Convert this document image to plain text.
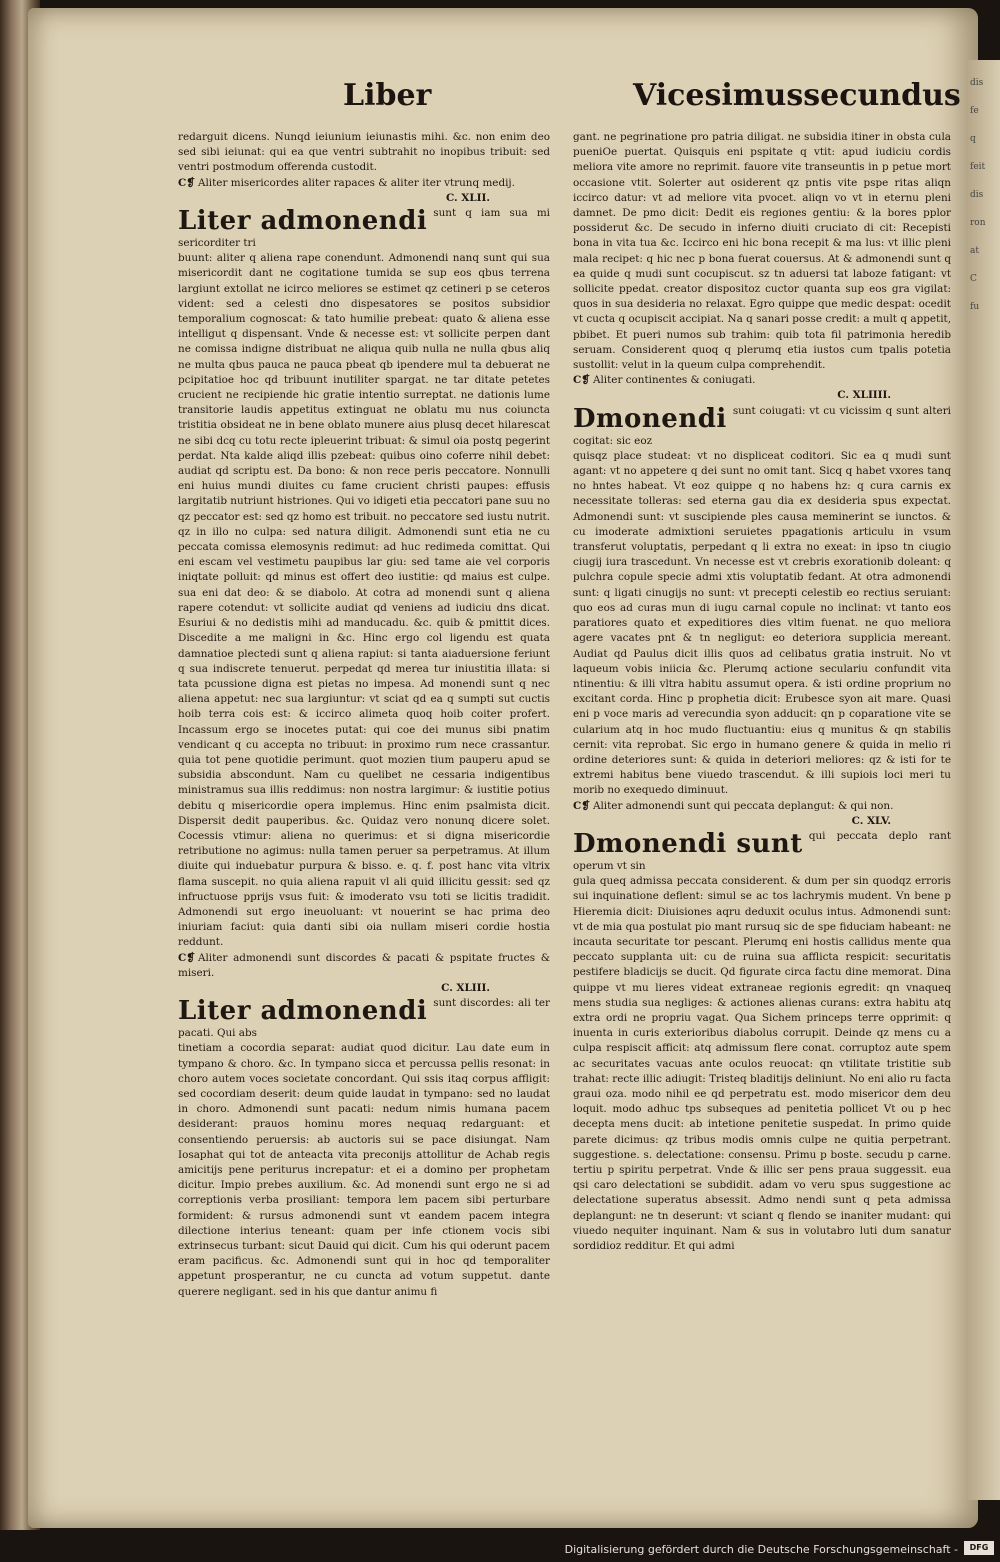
Liber	Vicesimussecundus

redarguit dicens. Nunqd ieiunium ieiunastis mihi. &c. non enim deo sed sibi ieiunat: qui ea que ventri subtrahit no inopibus tribuit: sed ventri postmodum offerenda custodit.

C❡ Aliter misericordes aliter rapaces & aliter iter vtrunq medij.

C. XLII.

Liter admonendi sunt q iam sua mi sericorditer tri

buunt: aliter q aliena rape conendunt. Admonendi nanq sunt qui sua misericordit dant ne cogitatione tumida se sup eos qbus terrena largiunt extollat ne icirco meliores se estimet qz cetineri p se ceteros vident: sed a celesti dno dispesatores se positos subsidior temporalium cognoscat: & tato humilie prebeat: quato & aliena esse intelligut q dispensant. Vnde & necesse est: vt sollicite perpen dant ne comissa indigne distribuat ne aliqua quib nulla ne nulla qbus aliq ne multa qbus pauca ne pauca pbeat qb ipendere mul ta debuerat ne pcipitatioe hoc qd tribuunt inutiliter spargat. ne tar ditate petetes crucient ne recipiende hic gratie intentio surreptat. ne dationis lume transitorie laudis appetitus extinguat ne oblatu mu nus coiuncta tristitia obsideat ne in bene oblato munere aius plusq decet hilarescat ne sibi dcq cu totu recte ipleuerint tribuat: & simul oia postq pegerint perdat. Nta kalde aliqd illis pzebeat: quibus oino coferre nihil debet: audiat qd scriptu est. Da bono: & non rece peris peccatore. Nonnulli eni huius mundi diuites cu fame crucient christi paupes: effusis largitatib nutriunt histriones. Qui vo idigeti etia peccatori pane suu no qz peccator est: sed qz homo est tribuit. no peccatore sed iustu nutrit. qz in illo no culpa: sed natura diligit. Admonendi sunt etia ne cu peccata comissa elemosynis redimut: ad huc redimeda comittat. Qui eni escam vel vestimetu paupibus lar giu: sed tame aie vel corporis iniqtate polluit: qd minus est offert deo iustitie: qd maius est culpe. sua eni dat deo: & se diabolo. At cotra ad monendi sunt q aliena rapere cotendut: vt sollicite audiat qd veniens ad iudiciu dns dicat. Esuriui & no dedistis mihi ad manducadu. &c. quib & pmittit dices. Discedite a me maligni in &c. Hinc ergo col ligendu est quata damnatioe plectedi sunt q aliena rapiut: si tanta aiaduersione feriunt q sua indiscrete tenuerut. perpedat qd merea tur iniustitia illata: si tata pcussione digna est pietas no impesa. Ad monendi sunt q nec aliena appetut: nec sua largiuntur: vt sciat qd ea q sumpti sut cuctis hoib terra cois est: & iccirco alimeta quoq hoib coiter profert. Incassum ergo se inocetes putat: qui coe dei munus sibi pnatim vendicant q cu accepta no tribuut: in proximo rum nece crassantur. quia tot pene quotidie perimunt. quot mozien tium pauperu apud se subsidia abscondunt. Nam cu quelibet ne cessaria indigentibus ministramus sua illis reddimus: non nostra largimur: & iustitie potius debitu q misericordie opera implemus. Hinc enim psalmista dicit. Dispersit dedit pauperibus. &c. Quidaz vero nonunq dicere solet. Cocessis vtimur: aliena no querimus: et si digna misericordie retributione no agimus: nulla tamen peruer sa perpetramus. At illum diuite qui induebatur purpura & bisso. e. q. f. post hanc vita vltrix flama suscepit. no quia aliena rapuit vl ali quid illicitu gessit: sed qz infructuose pprijs vsus fuit: & imoderato vsu toti se licitis tradidit. Admonendi sut ergo ineuoluant: vt nouerint se hac prima deo iniuriam faciut: quia danti sibi oia nullam miseri cordie hostia reddunt.

C❡ Aliter admonendi sunt discordes & pacati & pspitate fructes & miseri.

C. XLIII.

Liter admonendi sunt discordes: ali ter pacati. Qui abs

tinetiam a cocordia separat: audiat quod dicitur. Lau date eum in tympano & choro. &c. In tympano sicca et percussa pellis resonat: in choro autem voces societate concordant. Qui ssis itaq corpus affligit: sed cocordiam deserit: deum quide laudat in tympano: sed no laudat in choro. Admonendi sunt pacati: nedum nimis humana pacem desiderant: prauos hominu mores nequaq redarguant: et consentiendo peruersis: ab auctoris sui se pace disiungat. Nam Iosaphat qui tot de anteacta vita preconijs attollitur de Achab regis amicitijs pene periturus increpatur: et ei a domino per prophetam dicitur. Impio prebes auxilium. &c. Ad monendi sunt ergo ne si ad correptionis verba prosiliant: tempora lem pacem sibi perturbare formident: & rursus admonendi sunt vt eandem pacem integra dilectione interius teneant: quam per infe ctionem vocis sibi extrinsecus turbant: sicut Dauid qui dicit. Cum his qui oderunt pacem eram pacificus. &c. Admonendi sunt qui in hoc qd temporaliter appetunt prosperantur, ne cu cuncta ad votum suppetut. dante querere negligant. sed in his que dantur animu fi

gant. ne pegrinatione pro patria diligat. ne subsidia itiner in obsta cula pueniOe puertat. Quisquis eni pspitate q vtit: apud iudiciu cordis meliora vite amore no reprimit. fauore vite transeuntis in p petue mort occasione vtit. Solerter aut osiderent qz pntis vite pspe ritas aliqn iccirco datur: vt ad meliore vita pvocet. aliqn vo vt in eternu pleni damnet. De pmo dicit: Dedit eis regiones gentiu: & la bores pplor possiderut &c. De secudo in inferno diuiti cruciato di cit: Recepisti bona in vita tua &c. Iccirco eni hic bona recepit & ma lus: vt illic pleni mala recipet: q hic nec p bona fuerat couersus. At & admonendi sunt q ea quide q mudi sunt cocupiscut. sz tn aduersi tat laboze fatigant: vt sollicite ppedat. creator dispositoz cuctor quanta sup eos gra vigilat: quos in sua desideria no relaxat. Egro quippe que medic despat: ocedit vt cucta q ocupiscit accipiat. Na q sanari posse credit: a mult q appetit, pbibet. Et pueri numos sub trahim: quib tota fil patrimonia heredib seruam. Considerent quoq q plerumq etia iustos cum tpalis potetia sustollit: velut in la queum culpa comprehendit.

C❡ Aliter continentes & coniugati.

C. XLIIII.

Dmonendi sunt coiugati: vt cu vicissim q sunt alteri cogitat: sic eoz

quisqz place studeat: vt no displiceat coditori. Sic ea q mudi sunt agant: vt no appetere q dei sunt no omit tant. Sicq q habet vxores tanq no hntes habeat. Vt eoz quippe q no habens hz: q cura carnis ex necessitate tolleras: sed eterna gau dia ex desideria spus expectat. Admonendi sunt: vt suscipiende ples causa meminerint se iunctos. & cu imoderate admixtioni seruietes ppagationis articulu in vsum transferut voluptatis, perpedant q li extra no exeat: in ipso tn ciugio ciugij iura trascedunt. Vn necesse est vt crebris exorationib doleant: q pulchra copule specie admi xtis voluptatib fedant. At otra admonendi sunt: q ligati cinugijs no sunt: vt precepti celestib eo rectius seruiant: quo eos ad curas mun di iugu carnal copule no inclinat: vt tanto eos paratiores quato et expeditiores dies vltim fuenat. ne quo meliora agere vacates pnt & tn negligut: eo deteriora supplicia mereant. Audiat qd Paulus dicit illis quos ad celibatus gratia instruit. No vt laqueum vobis iniicia &c. Plerumq actione seculariu confundit vita ntinentiu: & illi vltra habitu assumut opera. & isti ordine proprium no excitant corda. Hinc p prophetia dicit: Erubesce syon ait mare. Quasi eni p voce maris ad verecundia syon adducit: qn p coparatione vite se cularium atq in hoc mudo fluctuantiu: eius q munitus & qn stabilis cernit: vita reprobat. Sic ergo in humano genere & quida in melio ri ordine deteriores sunt: & quida in deteriori meliores: qz & isti for te extremi habitus bene viuedo trascendut. & illi supiois loci meri tu morib no exequedo diminuut.

C❡ Aliter admonendi sunt qui peccata deplangut: & qui non.

C. XLV.

Dmonendi sunt qui peccata deplo rant operum vt sin

gula queq admissa peccata considerent. & dum per sin quodqz erroris sui inquinatione deflent: simul se ac tos lachrymis mudent. Vn bene p Hieremia dicit: Diuisiones aqru deduxit oculus intus. Admonendi sunt: vt de mia qua postulat pio mant rursuq sic de spe fiduciam habeant: ne incauta securitate tor pescant. Plerumq eni hostis callidus mente qua peccato supplanta uit: cu de ruina sua afflicta respicit: securitatis pestifere bladicijs se ducit. Qd figurate circa factu dine memorat. Dina quippe vt mu lieres videat extraneae regionis egredit: qn vnaqueq mens studia sua negliges: & actiones alienas curans: extra habitu atq extra ordi ne propriu vagat. Qua Sichem princeps terre opprimit: q inuenta in curis exterioribus diabolus corrupit. Deinde qz mens cu a culpa respiscit afficit: atq admissum flere conat. corruptoz aute spem ac securitates vacuas ante oculos reuocat: qn vtilitate tristitie sub trahat: recte illic adiugit: Tristeq bladitijs deliniunt. No eni alio ru facta graui oza. modo nihil ee qd perpetratu est. modo misericor dem deu loquit. modo adhuc tps subseques ad penitetia pollicet Vt ou p hec decepta mens ducit: ab intetione penitetie suspedat. In primo quide parete dicimus: qz tribus modis omnis culpe ne quitia perpetrant. suggestione. s. delectatione: consensu. Primu p boste. secudu p carne. tertiu p spiritu perpetrat. Vnde & illic ser pens praua suggessit. eua qsi caro delectationi se subdidit. adam vo veru spus suggestione ac delectatione superatus absessit. Admo nendi sunt q peta admissa deplangunt: ne tn deserunt: vt sciant q flendo se inaniter mudant: qui viuedo nequiter inquinant. Nam & sus in volutabro luti dum sanatur sordidioz redditur. Et qui admi

dis
fe
q
feit
dis
ron
at
C
fu
Digitalisierung gefördert durch die Deutsche Forschungsgemeinschaft -	DFG
